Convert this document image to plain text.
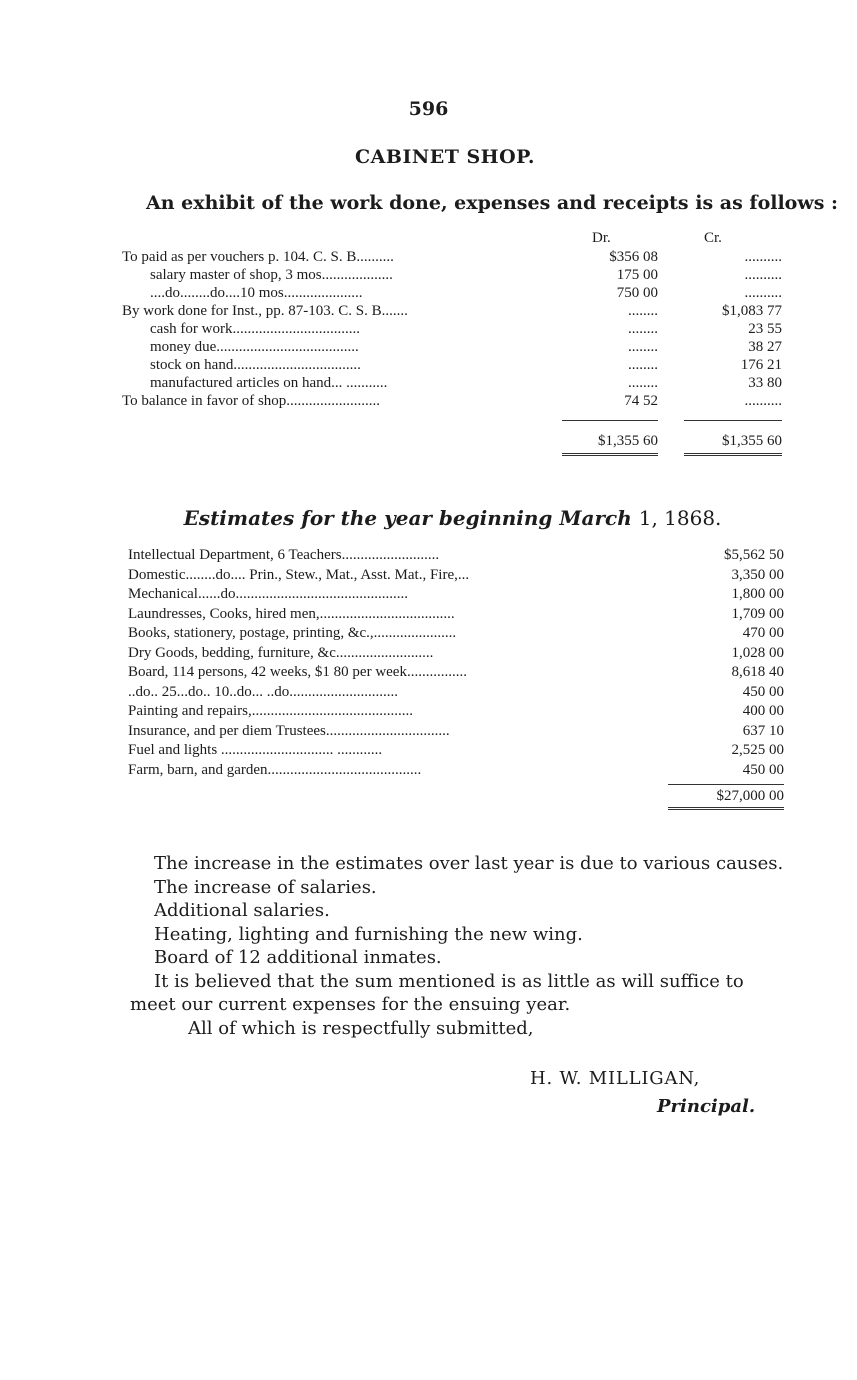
596
CABINET SHOP.
An exhibit of the work done, expenses and receipts is as follows :
Dr.	Cr.
To paid as per vouchers p. 104. C. S. B..........	$356 08	..........
salary master of shop, 3 mos...................	175 00	..........
....do........do....10 mos.....................	750 00	..........
By work done for Inst., pp. 87-103. C. S. B.......	........	$1,083 77
cash for work..................................	........	23 55
money due......................................	........	38 27
stock on hand..................................	........	176 21
manufactured articles on hand... ...........	........	33 80
To balance in favor of shop.........................	74 52	..........
$1,355 60	$1,355 60
Estimates for the year beginning March 1, 1868.
Intellectual Department, 6 Teachers..........................	$5,562 50
Domestic........do.... Prin., Stew., Mat., Asst. Mat., Fire,...	3,350 00
Mechanical......do..............................................	1,800 00
Laundresses, Cooks, hired men,....................................	1,709 00
Books, stationery, postage, printing, &c.,......................	470 00
Dry Goods, bedding, furniture, &c..........................	1,028 00
Board, 114 persons, 42 weeks, $1 80 per week................	8,618 40
..do.. 25...do.. 10..do... ..do.............................	450 00
Painting and repairs,...........................................	400 00
Insurance, and per diem Trustees.................................	637 10
Fuel and lights .............................. ............	2,525 00
Farm, barn, and garden.........................................	450 00
$27,000 00

The increase in the estimates over last year is due to various causes.

The increase of salaries.

Additional salaries.

Heating, lighting and furnishing the new wing.

Board of 12 additional inmates.

It is believed that the sum mentioned is as little as will suffice to

meet our current expenses for the ensuing year.

All of which is respectfully submitted,

H. W. MILLIGAN,
Principal.
